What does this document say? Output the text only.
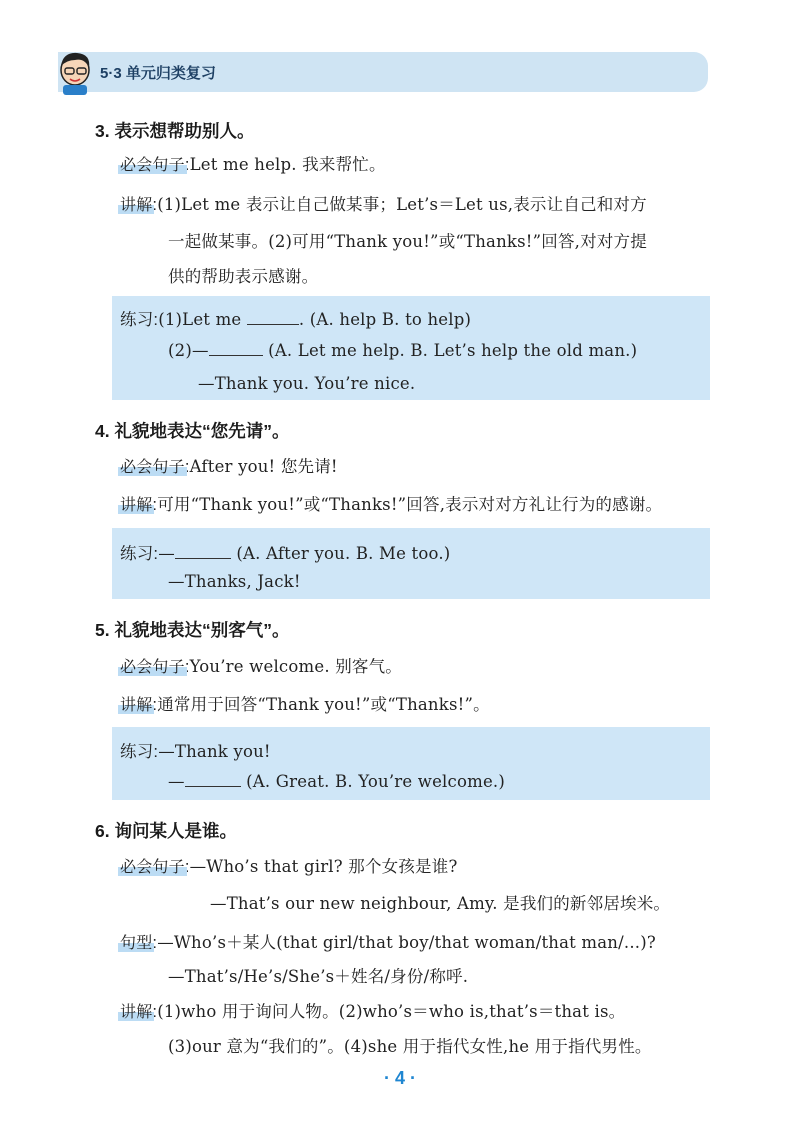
5·3 单元归类复习
3. 表示想帮助别人。
必会句子:Let me help. 我来帮忙。
讲解:(1)Let me 表示让自己做某事；Let’s＝Let us,表示让自己和对方
一起做某事。(2)可用“Thank you!”或“Thanks!”回答,对对方提
供的帮助表示感谢。
练习:(1)Let me	. (A. help B. to help)
(2)—	(A. Let me help. B. Let’s help the old man.)
—Thank you. You’re nice.
4. 礼貌地表达“您先请”。
必会句子:After you! 您先请!
讲解:可用“Thank you!”或“Thanks!”回答,表示对对方礼让行为的感谢。
练习:—	(A. After you. B. Me too.)
—Thanks, Jack!
5. 礼貌地表达“别客气”。
必会句子:You’re welcome. 别客气。
讲解:通常用于回答“Thank you!”或“Thanks!”。
练习:—Thank you!
—	(A. Great. B. You’re welcome.)
6. 询问某人是谁。
必会句子:—Who’s that girl? 那个女孩是谁?
—That’s our new neighbour, Amy. 是我们的新邻居埃米。
句型:—Who’s＋某人(that girl/that boy/that woman/that man/...)?
—That’s/He’s/She’s＋姓名/身份/称呼.
讲解:(1)who 用于询问人物。(2)who’s＝who is,that’s＝that is。
(3)our 意为“我们的”。(4)she 用于指代女性,he 用于指代男性。
· 4 ·
